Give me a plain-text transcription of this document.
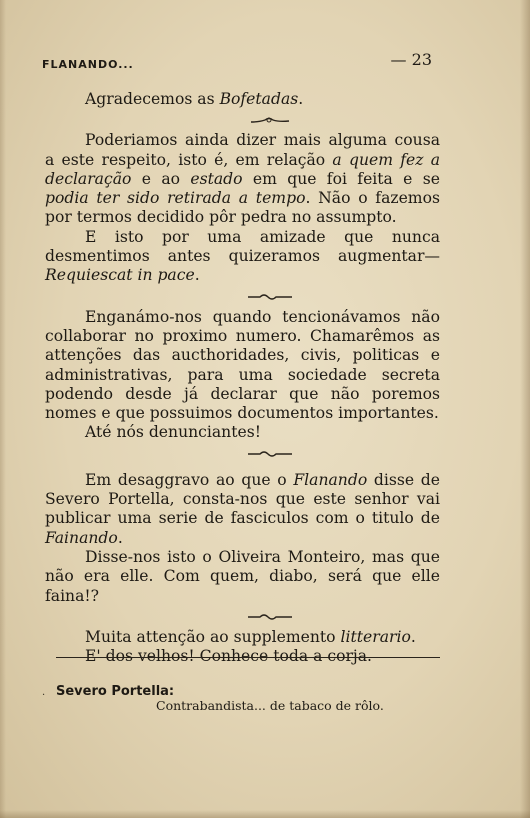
FLANANDO...	— 23

Agradecemos as Bofetadas.

Poderiamos ainda dizer mais alguma cousa a este respeito, isto é, em relação a quem fez a declaração e ao estado em que foi feita e se podia ter sido retirada a tempo. Não o fazemos por termos decidido pôr pedra no assumpto.

E isto por uma amizade que nunca desmentimos antes quizeramos augmentar—Requiescat in pace.

Enganámo-nos quando tencionávamos não collaborar no proximo numero. Chamarêmos as attenções das aucthoridades, civis, politicas e administrativas, para uma sociedade secreta podendo desde já declarar que não poremos nomes e que possuimos documentos importantes.

Até nós denunciantes!

Em desaggravo ao que o Flanando disse de Severo Portella, consta-nos que este senhor vai publicar uma serie de fasciculos com o titulo de Fainando.

Disse-nos isto o Oliveira Monteiro, mas que não era elle. Com quem, diabo, será que elle faina!?

Muita attenção ao supplemento litterario.

E' dos velhos! Conhece toda a corja.

· Severo Portella:
Contrabandista... de tabaco de rôlo.
